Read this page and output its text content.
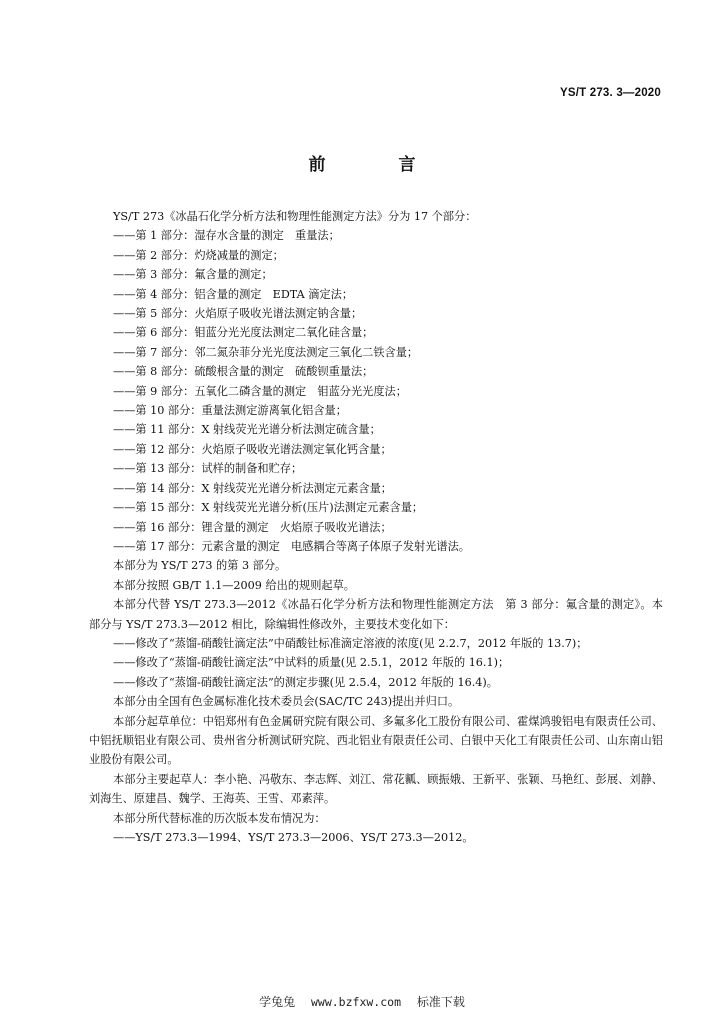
YS/T 273. 3—2020
前　言

YS/T 273《冰晶石化学分析方法和物理性能测定方法》分为 17 个部分：

——第 1 部分：湿存水含量的测定　重量法；

——第 2 部分：灼烧减量的测定；

——第 3 部分：氟含量的测定；

——第 4 部分：铝含量的测定　EDTA 滴定法；

——第 5 部分：火焰原子吸收光谱法测定钠含量；

——第 6 部分：钼蓝分光光度法测定二氧化硅含量；

——第 7 部分：邻二氮杂菲分光光度法测定三氧化二铁含量；

——第 8 部分：硫酸根含量的测定　硫酸钡重量法；

——第 9 部分：五氧化二磷含量的测定　钼蓝分光光度法；

——第 10 部分：重量法测定游离氧化铝含量；

——第 11 部分：X 射线荧光光谱分析法测定硫含量；

——第 12 部分：火焰原子吸收光谱法测定氧化钙含量；

——第 13 部分：试样的制备和贮存；

——第 14 部分：X 射线荧光光谱分析法测定元素含量；

——第 15 部分：X 射线荧光光谱分析(压片)法测定元素含量；

——第 16 部分：锂含量的测定　火焰原子吸收光谱法；

——第 17 部分：元素含量的测定　电感耦合等离子体原子发射光谱法。

本部分为 YS/T 273 的第 3 部分。

本部分按照 GB/T 1.1—2009 给出的规则起草。

本部分代替 YS/T 273.3—2012《冰晶石化学分析方法和物理性能测定方法　第 3 部分：氟含量的测定》。本部分与 YS/T 273.3—2012 相比，除编辑性修改外，主要技术变化如下：

——修改了“蒸馏-硝酸钍滴定法”中硝酸钍标准滴定溶液的浓度(见 2.2.7，2012 年版的 13.7)；

——修改了“蒸馏-硝酸钍滴定法”中试料的质量(见 2.5.1，2012 年版的 16.1)；

——修改了“蒸馏-硝酸钍滴定法”的测定步骤(见 2.5.4，2012 年版的 16.4)。

本部分由全国有色金属标准化技术委员会(SAC/TC 243)提出并归口。

本部分起草单位：中铝郑州有色金属研究院有限公司、多氟多化工股份有限公司、霍煤鸿骏铝电有限责任公司、中铝抚顺铝业有限公司、贵州省分析测试研究院、西北铝业有限责任公司、白银中天化工有限责任公司、山东南山铝业股份有限公司。

本部分主要起草人：李小艳、冯敬东、李志辉、刘江、常花瓤、顾振娥、王新平、张颖、马艳红、彭展、刘静、刘海生、原建昌、魏学、王海英、王雪、邓素萍。

本部分所代替标准的历次版本发布情况为：

——YS/T 273.3—1994、YS/T 273.3—2006、YS/T 273.3—2012。

学兔兔 www.bzfxw.com 标准下载
